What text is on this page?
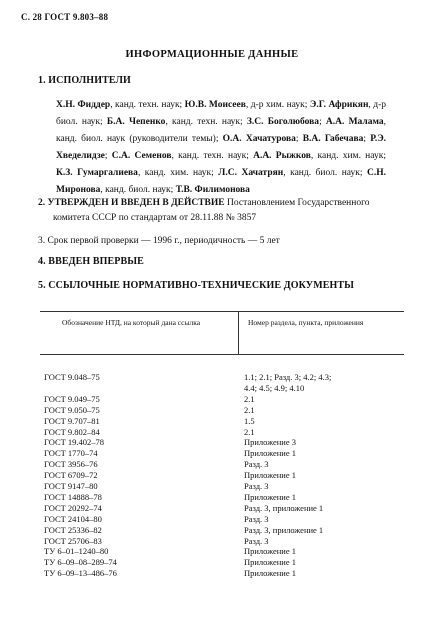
С. 28 ГОСТ 9.803–88
ИНФОРМАЦИОННЫЕ ДАННЫЕ
1. ИСПОЛНИТЕЛИ
Х.Н. Фиддер, канд. техн. наук; Ю.В. Моисеев, д-р хим. наук; Э.Г. Африкян, д-р биол. наук; Б.А. Чепенко, канд. техн. наук; З.С. Боголюбова; А.А. Малама, канд. биол. наук (руководители темы); О.А. Хачатурова; В.А. Габечава; Р.Э. Хведелидзе; С.А. Семенов, канд. техн. наук; А.А. Рыжков, канд. хим. наук; К.З. Гумаргалиева, канд. хим. наук; Л.С. Хачатрян, канд. биол. наук; С.Н. Миронова, канд. биол. наук; Т.В. Филимонова
2. УТВЕРЖДЕН И ВВЕДЕН В ДЕЙСТВИЕ Постановлением Государственного
комитета СССР по стандартам от 28.11.88 № 3857
3. Срок первой проверки — 1996 г., периодичность — 5 лет
4. ВВЕДЕН ВПЕРВЫЕ
5. ССЫЛОЧНЫЕ НОРМАТИВНО-ТЕХНИЧЕСКИЕ ДОКУМЕНТЫ
Обозначение НТД, на который дана ссылка	Номер раздела, пункта, приложения
ГОСТ 9.048–75	1.1; 2.1; Разд. 3; 4.2; 4.3;
4.4; 4.5; 4.9; 4.10
ГОСТ 9.049–75	2.1
ГОСТ 9.050–75	2.1
ГОСТ 9.707–81	1.5
ГОСТ 9.802–84	2.1
ГОСТ 19.402–78	Приложение 3
ГОСТ 1770–74	Приложение 1
ГОСТ 3956–76	Разд. 3
ГОСТ 6709–72	Приложение 1
ГОСТ 9147–80	Разд. 3
ГОСТ 14888–78	Приложение 1
ГОСТ 20292–74	Разд. 3, приложение 1
ГОСТ 24104–80	Разд. 3
ГОСТ 25336–82	Разд. 3, приложение 1
ГОСТ 25706–83	Разд. 3
ТУ 6–01–1240–80	Приложение 1
ТУ 6–09–08–289–74	Приложение 1
ТУ 6–09–13–486–76	Приложение 1
